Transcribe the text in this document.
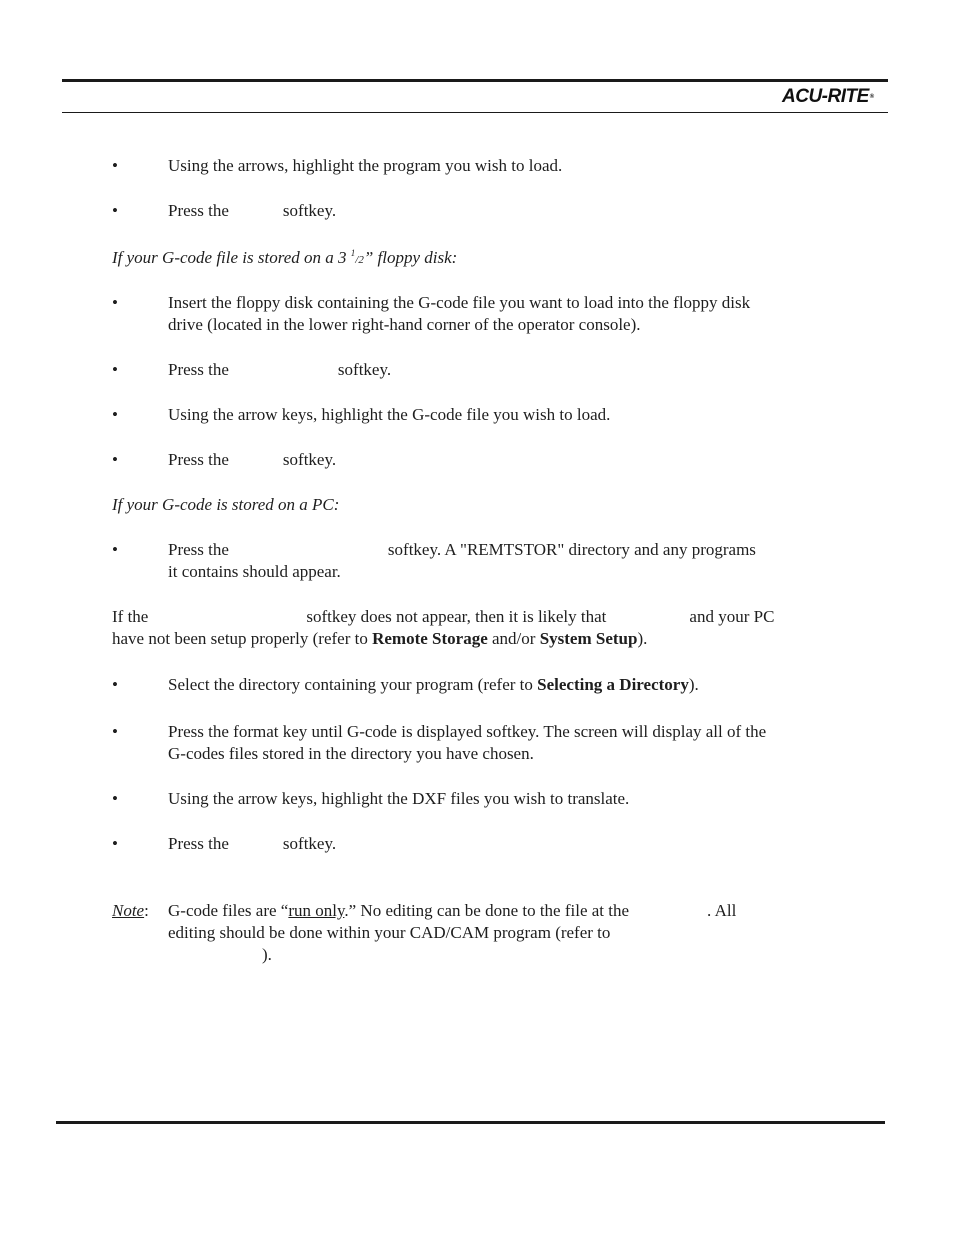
ACU-RITE®
•	Using the arrows, highlight the program you wish to load.
•	Press the	softkey.
If your G-code file is stored on a 3 $^1$/2” floppy disk:
•	Insert the floppy disk containing the G-code file you want to load into the floppy disk
drive (located in the lower right-hand corner of the operator console).
•	Press the	softkey.
•	Using the arrow keys, highlight the G-code file you wish to load.
•	Press the	softkey.
If your G-code is stored on a PC:
•	Press the	softkey. A "REMTSTOR" directory and any programs
it contains should appear.
If the	softkey does not appear, then it is likely that	and your PC
have not been setup properly (refer to Remote Storage and/or System Setup).
•	Select the directory containing your program (refer to Selecting a Directory).
•	Press the format key until G-code is displayed softkey. The screen will display all of the
G-codes files stored in the directory you have chosen.
•	Using the arrow keys, highlight the DXF files you wish to translate.
•	Press the	softkey.
Note: G-code files are “run only.” No editing can be done to the file at the	. All
editing should be done within your CAD/CAM program (refer to
).
